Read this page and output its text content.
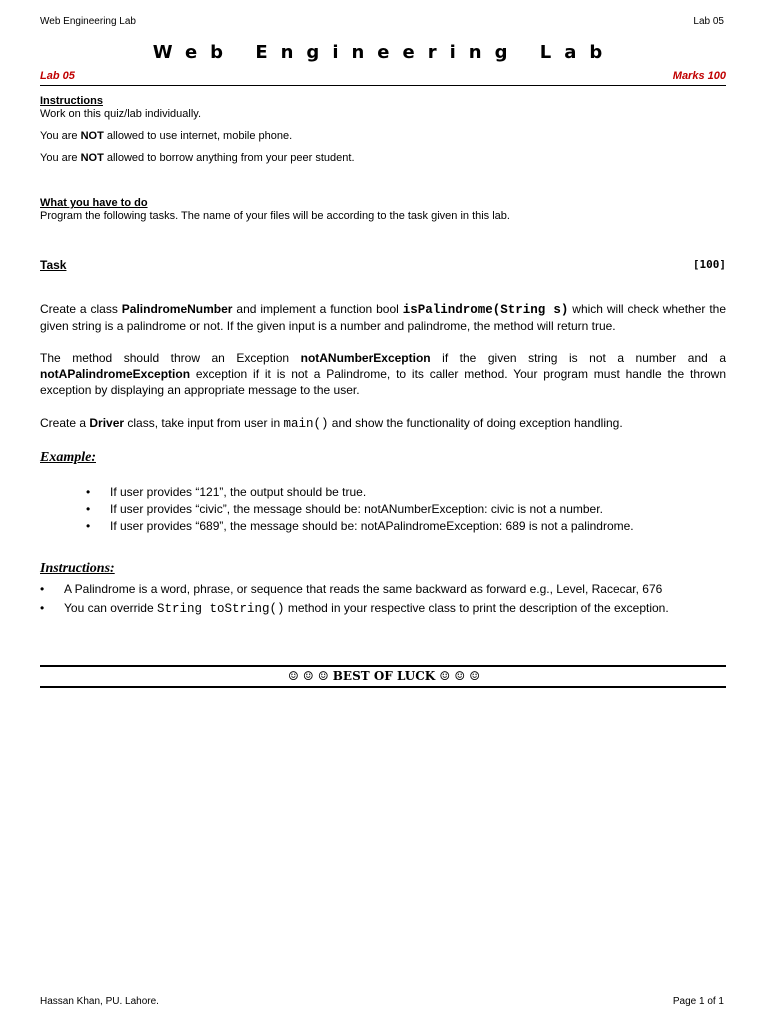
Web Engineering Lab	Lab 05
Web Engineering Lab
Lab 05	Marks 100
Instructions
Work on this quiz/lab individually.
You are NOT allowed to use internet, mobile phone.
You are NOT allowed to borrow anything from your peer student.
What you have to do
Program the following tasks. The name of your files will be according to the task given in this lab.
Task	[100]
Create a class PalindromeNumber and implement a function bool isPalindrome(String s) which will check whether the given string is a palindrome or not. If the given input is a number and palindrome, the method will return true.
The method should throw an Exception notANumberException if the given string is not a number and a notAPalindromeException exception if it is not a Palindrome, to its caller method. Your program must handle the thrown exception by displaying an appropriate message to the user.
Create a Driver class, take input from user in main() and show the functionality of doing exception handling.
Example:
• If user provides “121”, the output should be true.
• If user provides “civic”, the message should be: notANumberException: civic is not a number.
• If user provides “689”, the message should be: notAPalindromeException: 689 is not a palindrome.
Instructions:
• A Palindrome is a word, phrase, or sequence that reads the same backward as forward e.g., Level, Racecar, 676
• You can override String toString() method in your respective class to print the description of the exception.
☺ ☺ ☺ BEST OF LUCK ☺ ☺ ☺
Hassan Khan, PU. Lahore.	Page 1 of 1
